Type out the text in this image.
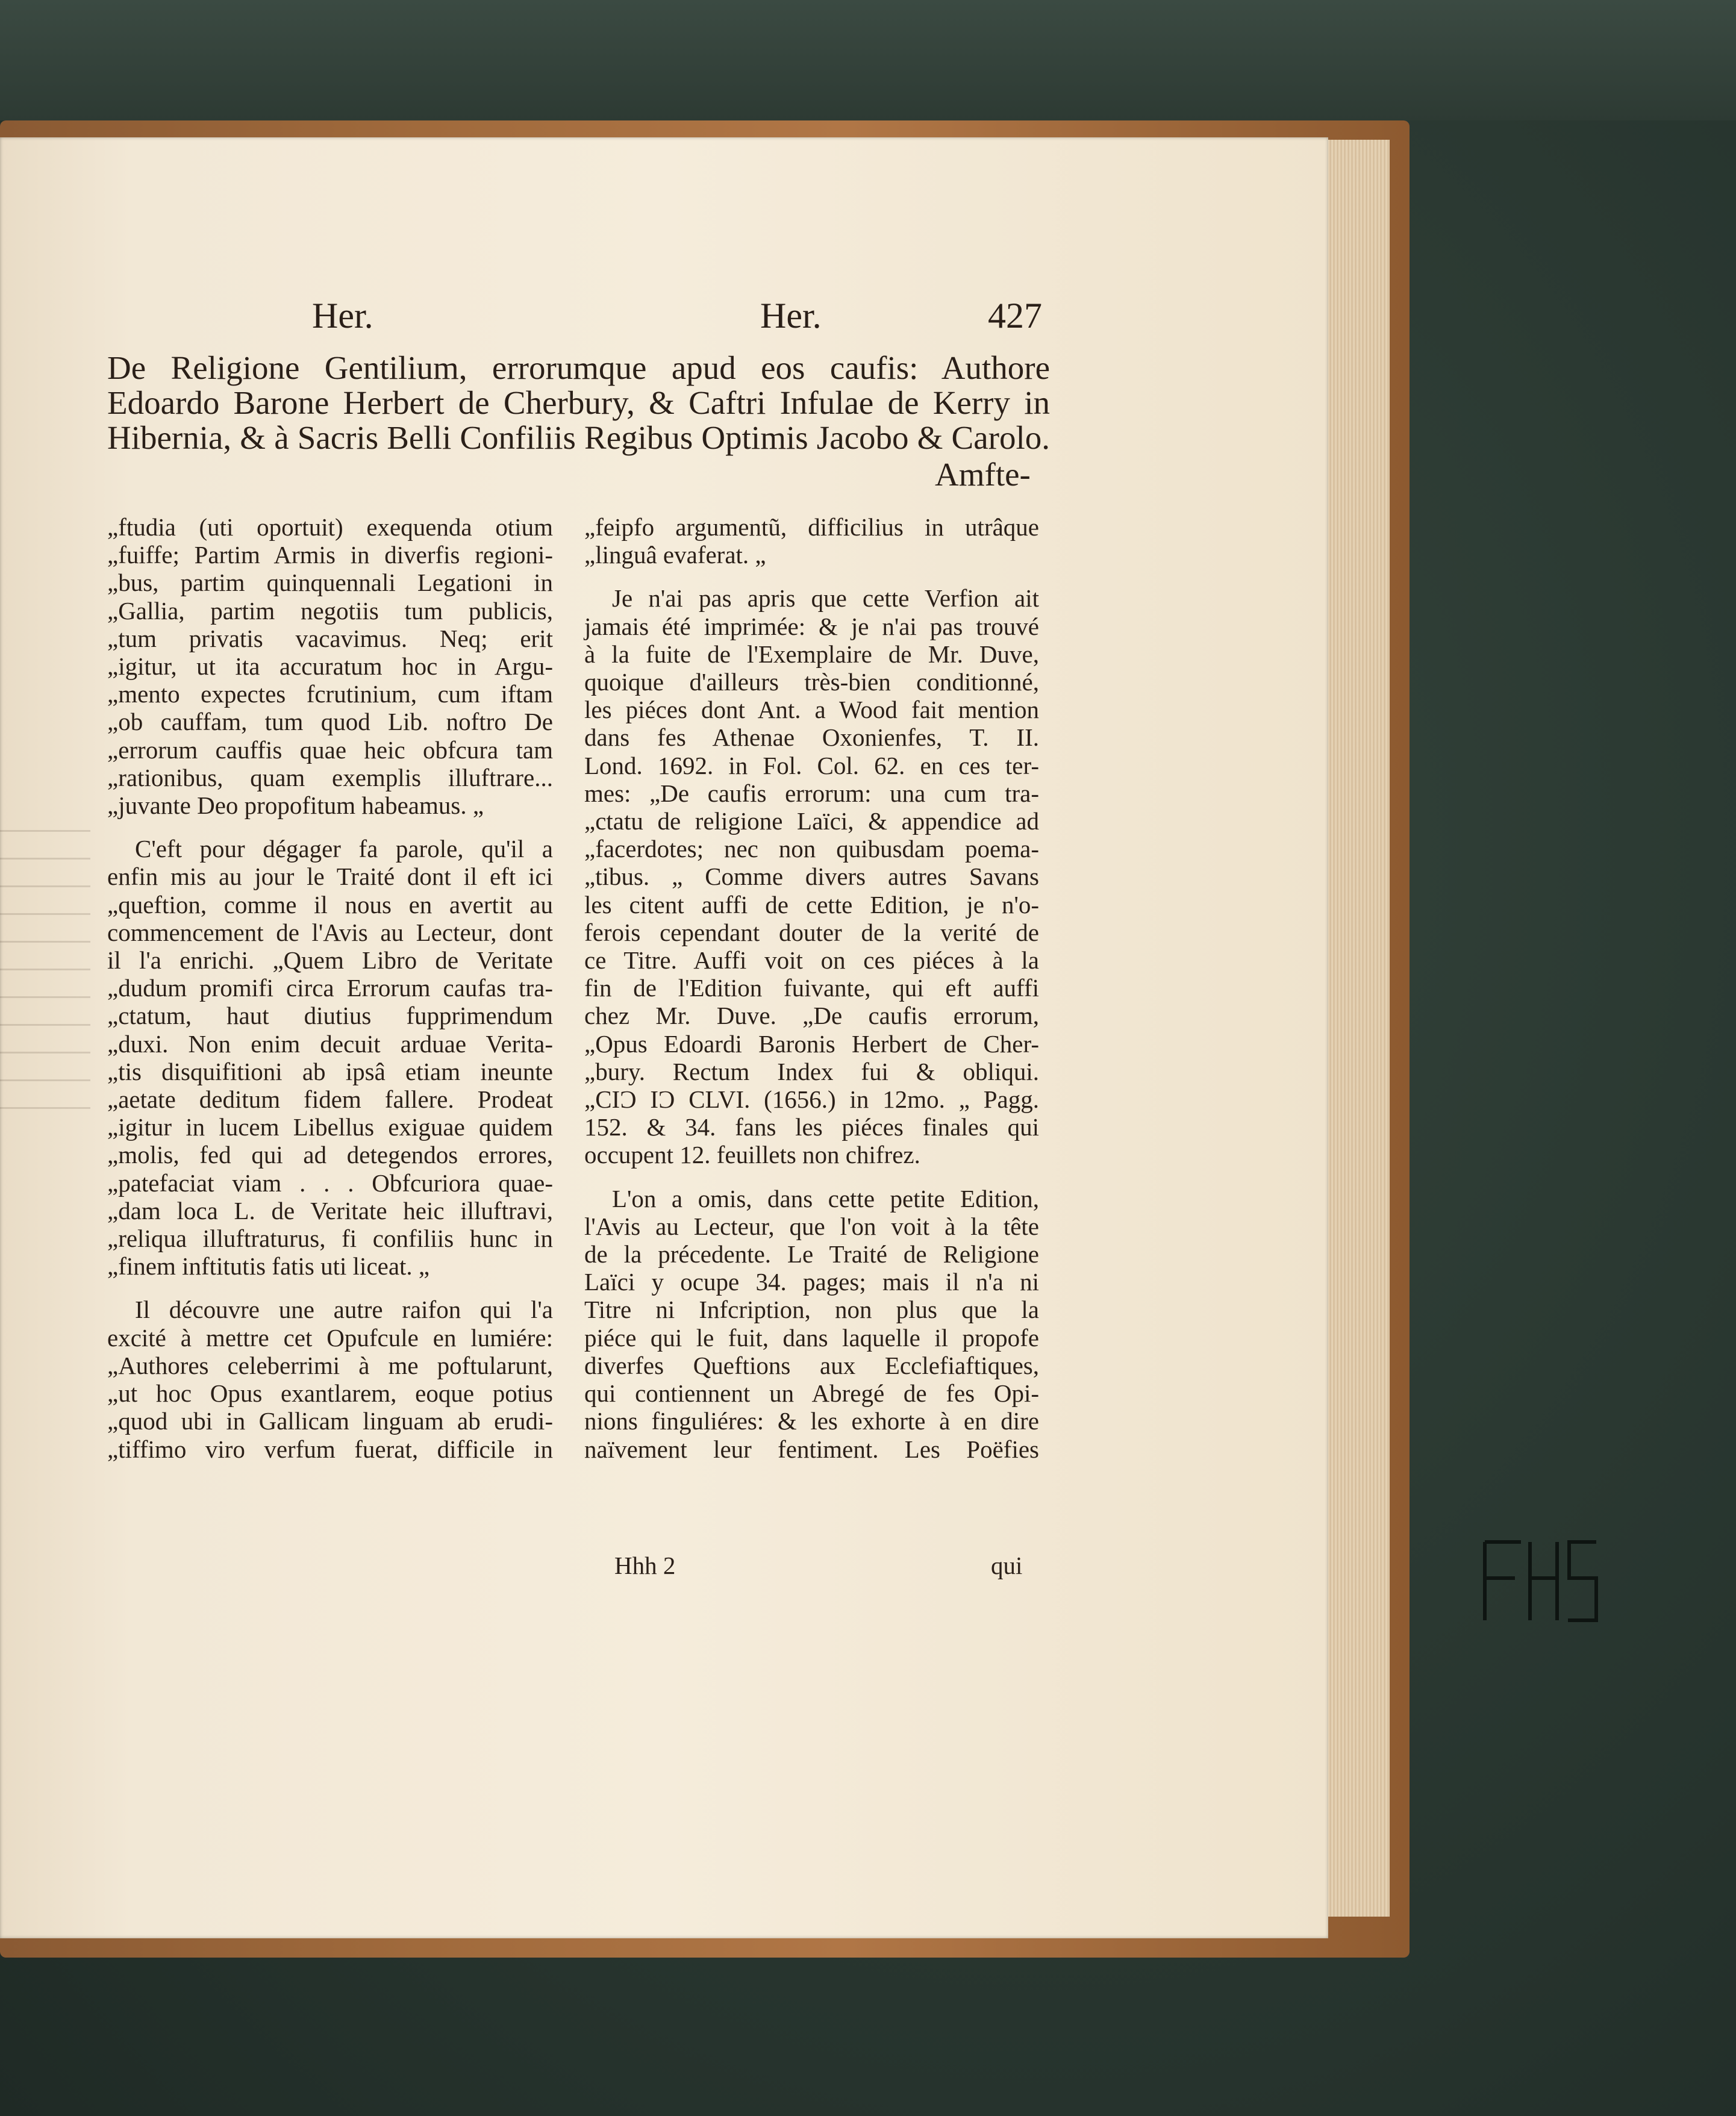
Her.	Her.	427

De Religione Gentilium, errorumque apud eos caufis: Authore

Edoardo Barone Herbert de Cherbury, & Caftri Infulae de Kerry in

Hibernia, & à Sacris Belli Confiliis Regibus Optimis Jacobo & Carolo.

Amfte-

„ftudia (uti oportuit) exequenda otium

„fuiffe; Partim Armis in diverfis regioni-

„bus, partim quinquennali Legationi in

„Gallia, partim negotiis tum publicis,

„tum privatis vacavimus. Neq; erit

„igitur, ut ita accuratum hoc in Argu-

„mento expectes fcrutinium, cum iftam

„ob cauffam, tum quod Lib. noftro De

„errorum cauffis quae heic obfcura tam

„rationibus, quam exemplis illuftrare...

„juvante Deo propofitum habeamus. „

C'eft pour dégager fa parole, qu'il a

enfin mis au jour le Traité dont il eft ici

„queftion, comme il nous en avertit au

commencement de l'Avis au Lecteur, dont

il l'a enrichi. „Quem Libro de Veritate

„dudum promifi circa Errorum caufas tra-

„ctatum, haut diutius fupprimendum

„duxi. Non enim decuit arduae Verita-

„tis disquifitioni ab ipsâ etiam ineunte

„aetate deditum fidem fallere. Prodeat

„igitur in lucem Libellus exiguae quidem

„molis, fed qui ad detegendos errores,

„patefaciat viam . . . Obfcuriora quae-

„dam loca L. de Veritate heic illuftravi,

„reliqua illuftraturus, fi confiliis hunc in

„finem inftitutis fatis uti liceat. „

Il découvre une autre raifon qui l'a

excité à mettre cet Opufcule en lumiére:

„Authores celeberrimi à me poftularunt,

„ut hoc Opus exantlarem, eoque potius

„quod ubi in Gallicam linguam ab erudi-

„tiffimo viro verfum fuerat, difficile in

„feipfo argumentũ, difficilius in utrâque

„linguâ evaferat. „

Je n'ai pas apris que cette Verfion ait

jamais été imprimée: & je n'ai pas trouvé

à la fuite de l'Exemplaire de Mr. Duve,

quoique d'ailleurs très-bien conditionné,

les piéces dont Ant. a Wood fait mention

dans fes Athenae Oxonienfes, T. II.

Lond. 1692. in Fol. Col. 62. en ces ter-

mes: „De caufis errorum: una cum tra-

„ctatu de religione Laïci, & appendice ad

„facerdotes; nec non quibusdam poema-

„tibus. „ Comme divers autres Savans

les citent auffi de cette Edition, je n'o-

ferois cependant douter de la verité de

ce Titre. Auffi voit on ces piéces à la

fin de l'Edition fuivante, qui eft auffi

chez Mr. Duve. „De caufis errorum,

„Opus Edoardi Baronis Herbert de Cher-

„bury. Rectum Index fui & obliqui.

„CIƆ IƆ CLVI. (1656.) in 12mo. „ Pagg.

152. & 34. fans les piéces finales qui

occupent 12. feuillets non chifrez.

L'on a omis, dans cette petite Edition,

l'Avis au Lecteur, que l'on voit à la tête

de la précedente. Le Traité de Religione

Laïci y ocupe 34. pages; mais il n'a ni

Titre ni Infcription, non plus que la

piéce qui le fuit, dans laquelle il propofe

diverfes Queftions aux Ecclefiaftiques,

qui contiennent un Abregé de fes Opi-

nions finguliéres: & les exhorte à en dire

naïvement leur fentiment. Les Poëfies

Hhh 2	qui
